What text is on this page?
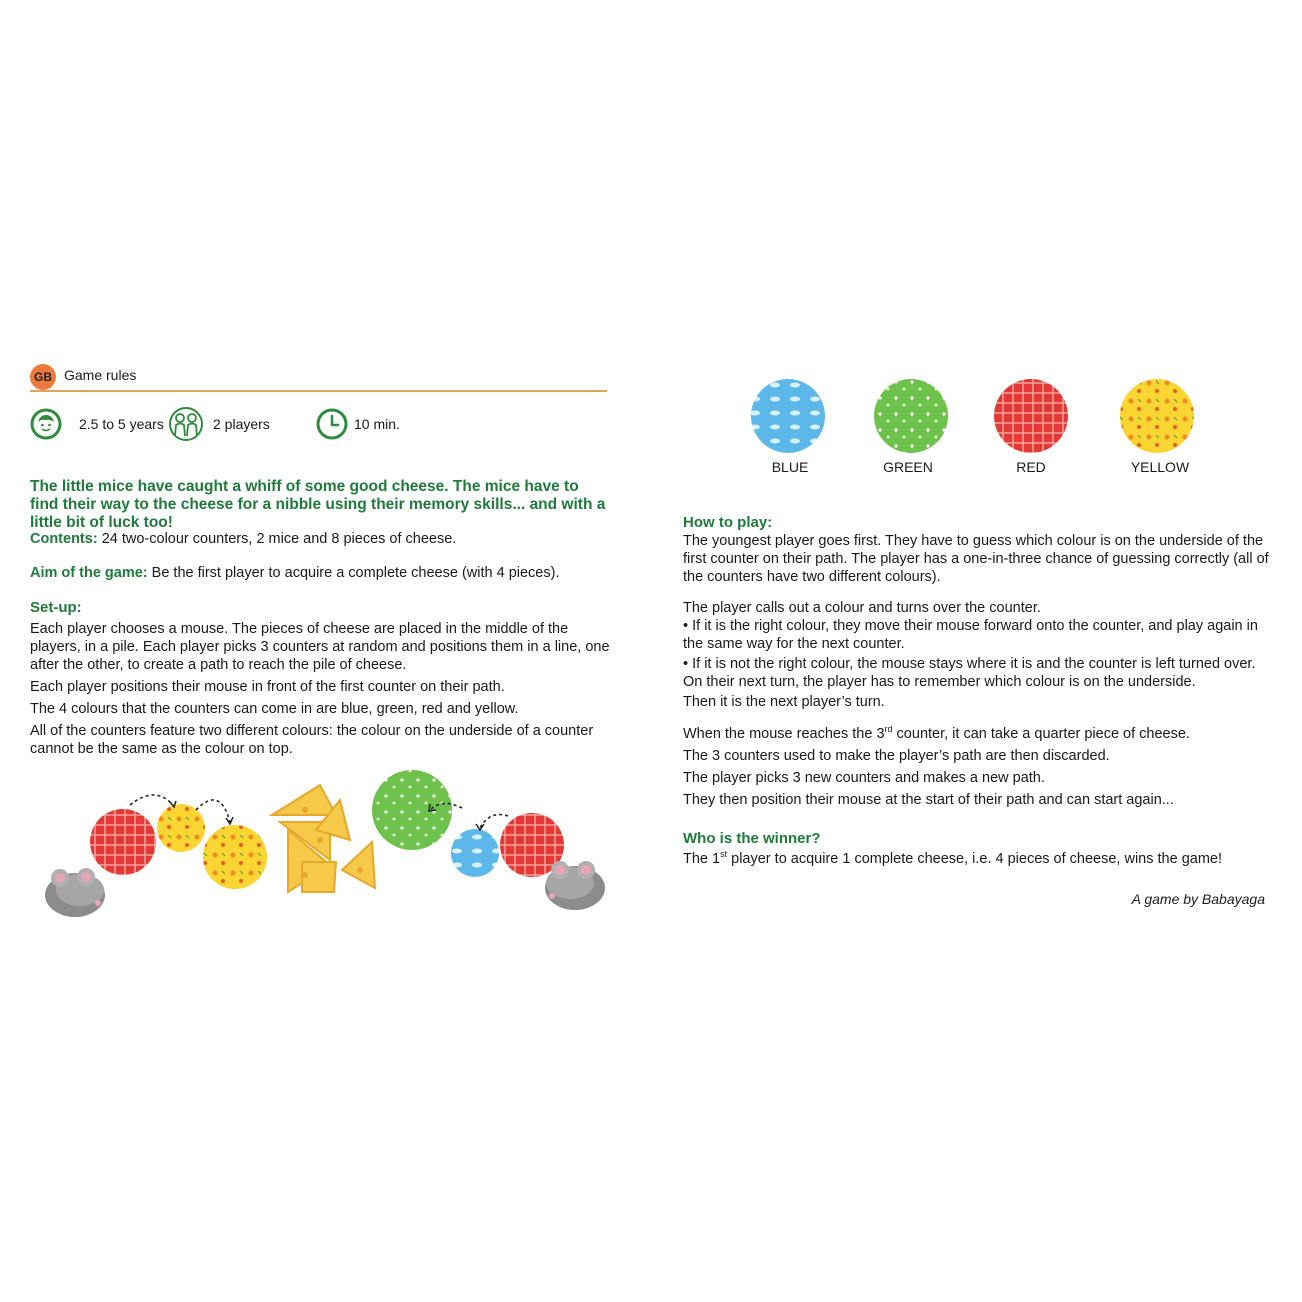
GB Game rules
2.5 to 5 years	2 players	10 min.

The little mice have caught a whiff of some good cheese. The mice have to find their way to the cheese for a nibble using their memory skills... and with a little bit of luck too!

Contents: 24 two-colour counters, 2 mice and 8 pieces of cheese.

Aim of the game: Be the first player to acquire a complete cheese (with 4 pieces).

Set-up:

Each player chooses a mouse. The pieces of cheese are placed in the middle of the players, in a pile. Each player picks 3 counters at random and positions them in a line, one after the other, to create a path to reach the pile of cheese.

Each player positions their mouse in front of the first counter on their path.

The 4 colours that the counters can come in are blue, green, red and yellow.

All of the counters feature two different colours: the colour on the underside of a counter cannot be the same as the colour on top.

BLUE	GREEN	RED	YELLOW
How to play:

The youngest player goes first. They have to guess which colour is on the underside of the first counter on their path. The player has a one-in-three chance of guessing correctly (all of the counters have two different colours).

The player calls out a colour and turns over the counter.

• If it is the right colour, they move their mouse forward onto the counter, and play again in the same way for the next counter.

• If it is not the right colour, the mouse stays where it is and the counter is left turned over. On their next turn, the player has to remember which colour is on the underside.

Then it is the next player’s turn.

When the mouse reaches the 3rd counter, it can take a quarter piece of cheese.

The 3 counters used to make the player’s path are then discarded.

The player picks 3 new counters and makes a new path.

They then position their mouse at the start of their path and can start again...

Who is the winner?

The 1st player to acquire 1 complete cheese, i.e. 4 pieces of cheese, wins the game!

A game by Babayaga
